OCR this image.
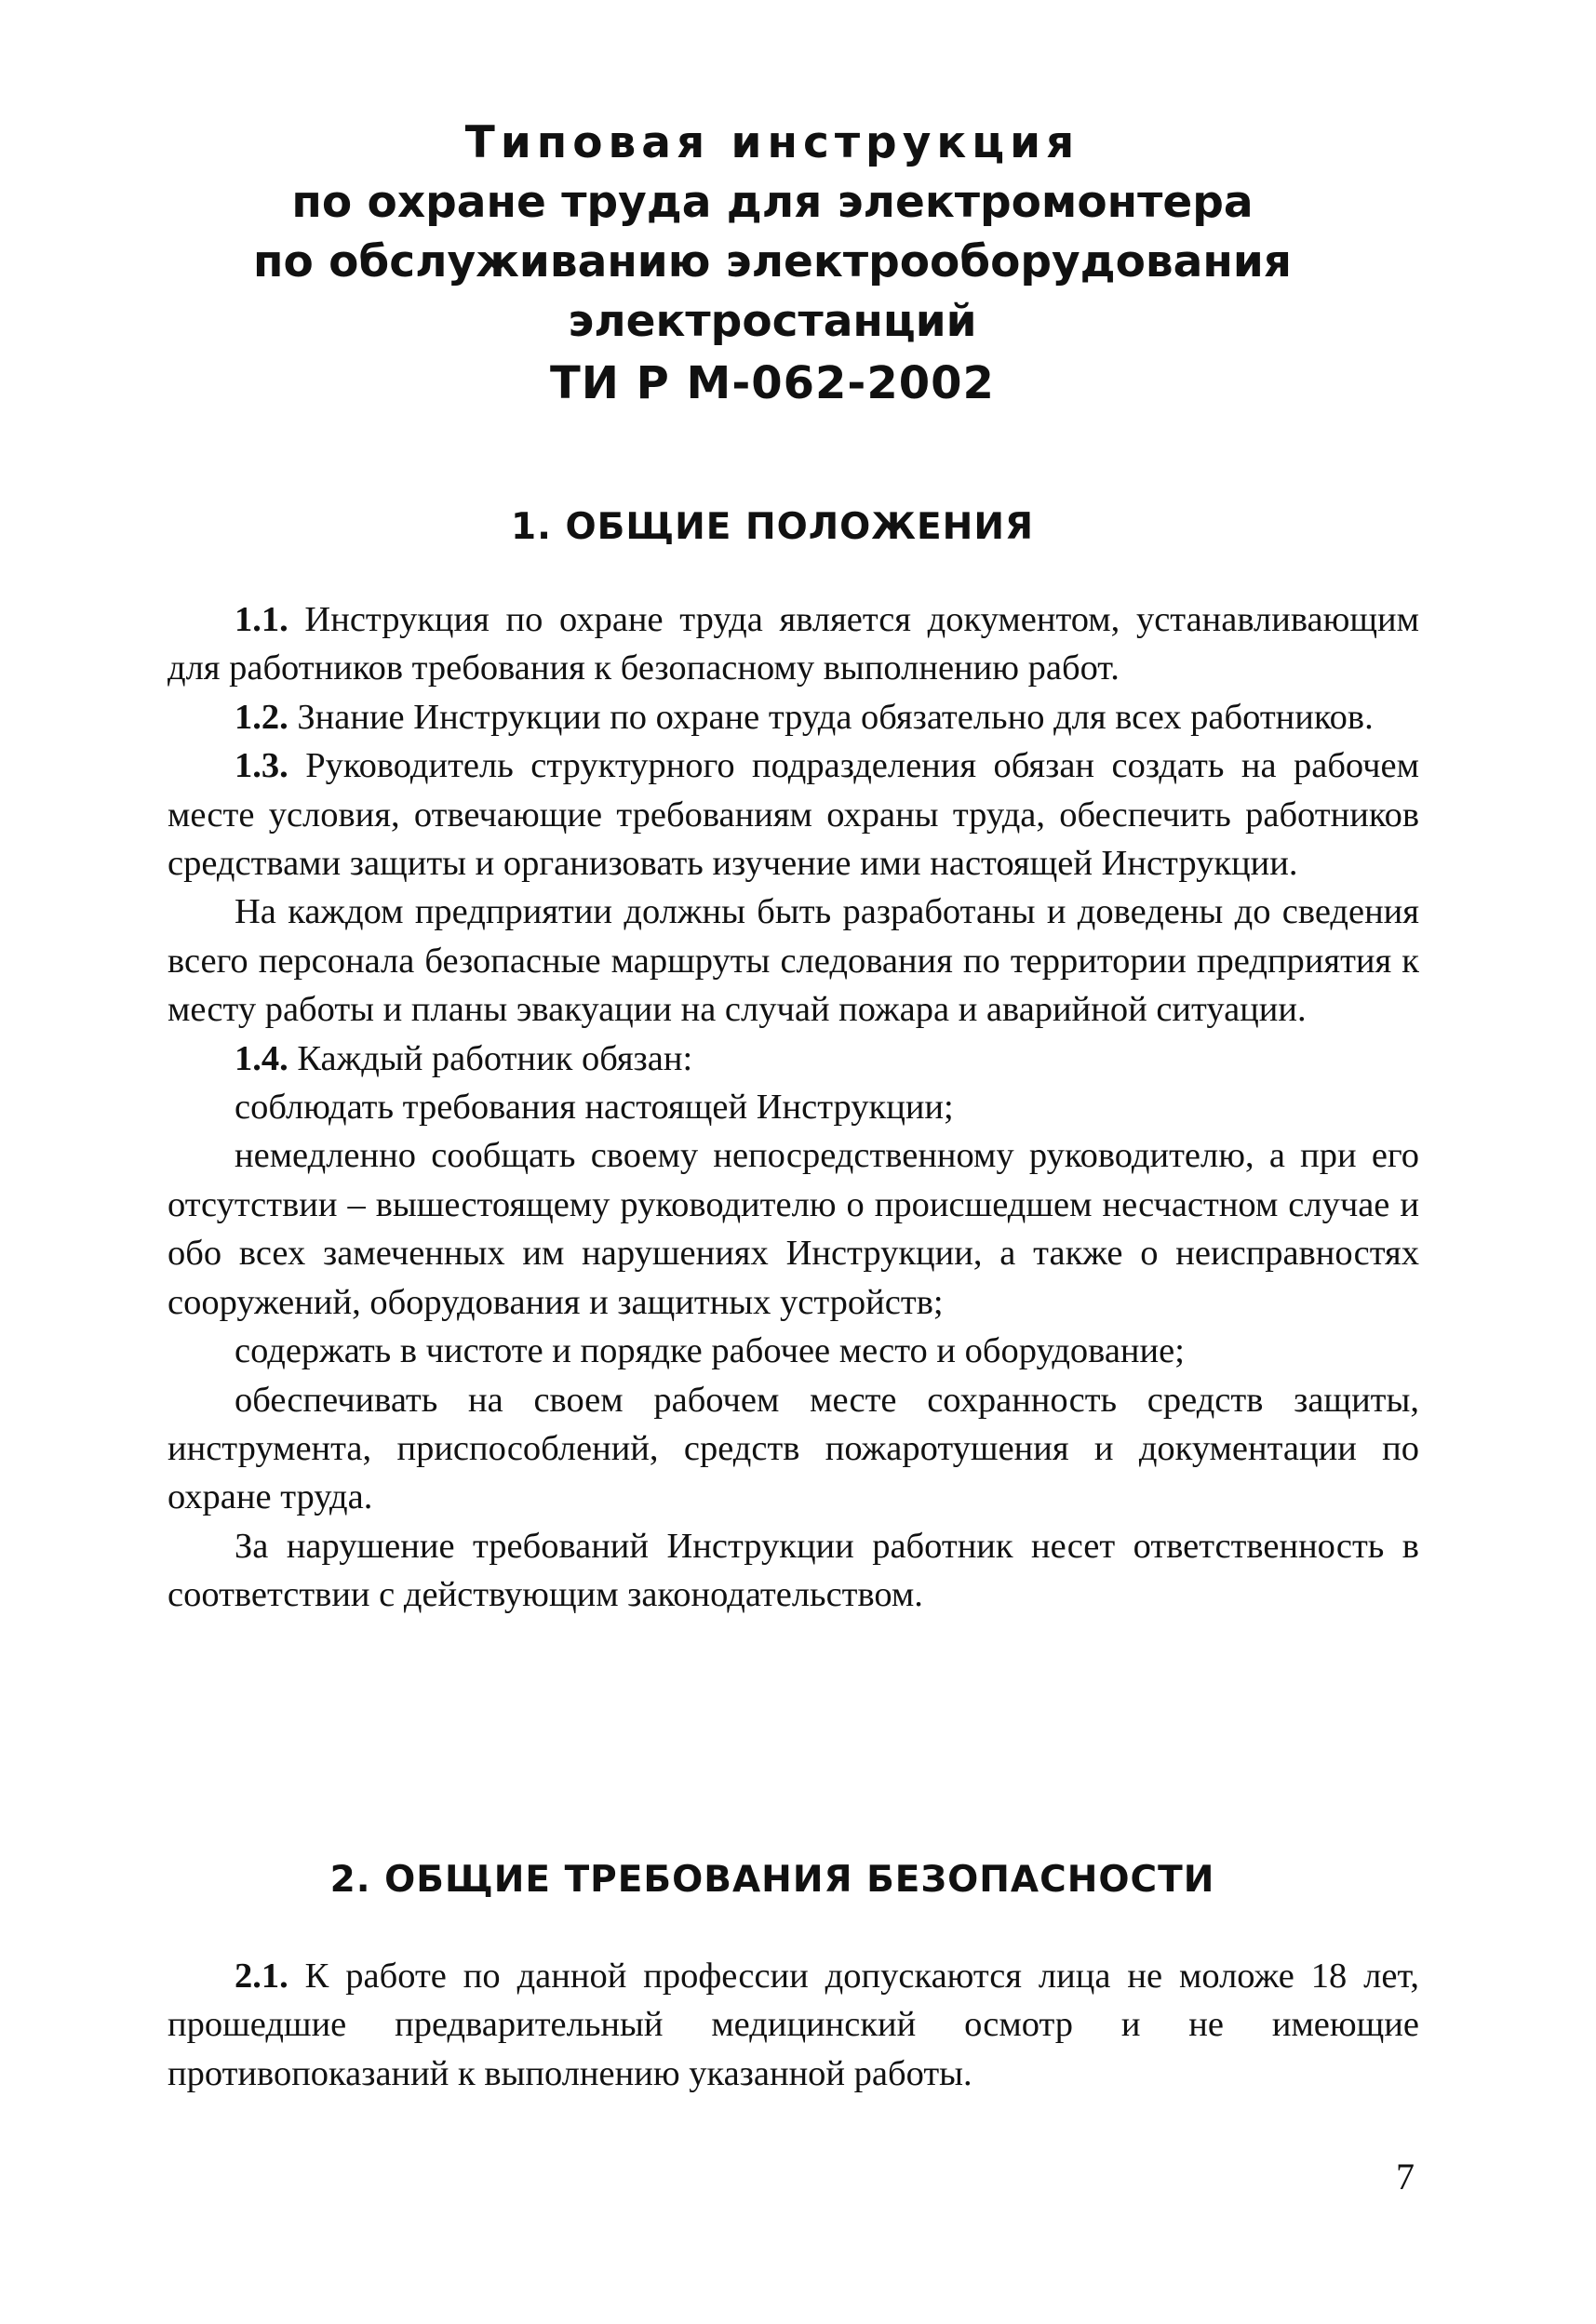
Типовая инструкция
по охране труда для электромонтера
по обслуживанию электрооборудования
электростанций
ТИ Р М-062-2002
1. ОБЩИЕ ПОЛОЖЕНИЯ

1.1. Инструкция по охране труда является документом, устанавливающим для работников требования к безопасному выполнению работ.

1.2. Знание Инструкции по охране труда обязательно для всех работников.

1.3. Руководитель структурного подразделения обязан создать на рабочем месте условия, отвечающие требованиям охраны труда, обеспечить работников средствами защиты и организовать изучение ими настоящей Инструкции.

На каждом предприятии должны быть разработаны и доведены до сведения всего персонала безопасные маршруты следования по территории предприятия к месту работы и планы эвакуации на случай пожара и аварийной ситуации.

1.4. Каждый работник обязан:

соблюдать требования настоящей Инструкции;

немедленно сообщать своему непосредственному руководителю, а при его отсутствии – вышестоящему руководителю о происшедшем несчастном случае и обо всех замеченных им нарушениях Инструкции, а также о неисправностях сооружений, оборудования и защитных устройств;

содержать в чистоте и порядке рабочее место и оборудование;

обеспечивать на своем рабочем месте сохранность средств защиты, инструмента, приспособлений, средств пожаротушения и документации по охране труда.

За нарушение требований Инструкции работник несет ответственность в соответствии с действующим законодательством.

2. ОБЩИЕ ТРЕБОВАНИЯ БЕЗОПАСНОСТИ

2.1. К работе по данной профессии допускаются лица не моложе 18 лет, прошедшие предварительный медицинский осмотр и не имеющие противопоказаний к выполнению указанной работы.

7
